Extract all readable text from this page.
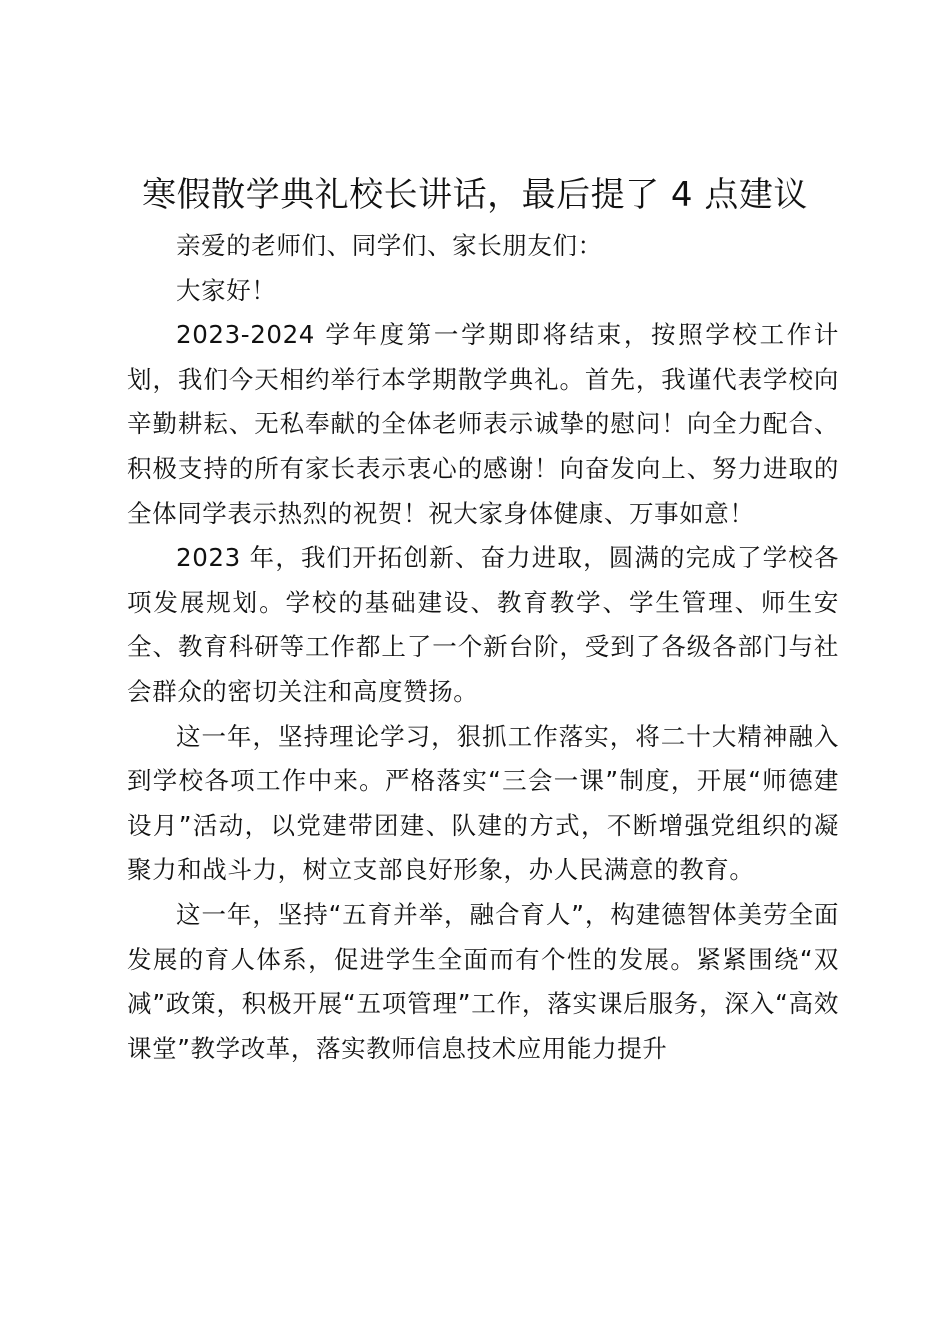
寒假散学典礼校长讲话，最后提了 4 点建议

亲爱的老师们、同学们、家长朋友们：

大家好！

2023-2024 学年度第一学期即将结束，按照学校工作计划，我们今天相约举行本学期散学典礼。首先，我谨代表学校向辛勤耕耘、无私奉献的全体老师表示诚挚的慰问！向全力配合、积极支持的所有家长表示衷心的感谢！向奋发向上、努力进取的全体同学表示热烈的祝贺！祝大家身体健康、万事如意！

2023 年，我们开拓创新、奋力进取，圆满的完成了学校各项发展规划。学校的基础建设、教育教学、学生管理、师生安全、教育科研等工作都上了一个新台阶，受到了各级各部门与社会群众的密切关注和高度赞扬。

这一年，坚持理论学习，狠抓工作落实，将二十大精神融入到学校各项工作中来。严格落实“三会一课”制度，开展“师德建设月”活动，以党建带团建、队建的方式，不断增强党组织的凝聚力和战斗力，树立支部良好形象，办人民满意的教育。

这一年，坚持“五育并举，融合育人”，构建德智体美劳全面发展的育人体系，促进学生全面而有个性的发展。紧紧围绕“双减”政策，积极开展“五项管理”工作，落实课后服务，深入“高效课堂”教学改革，落实教师信息技术应用能力提升
